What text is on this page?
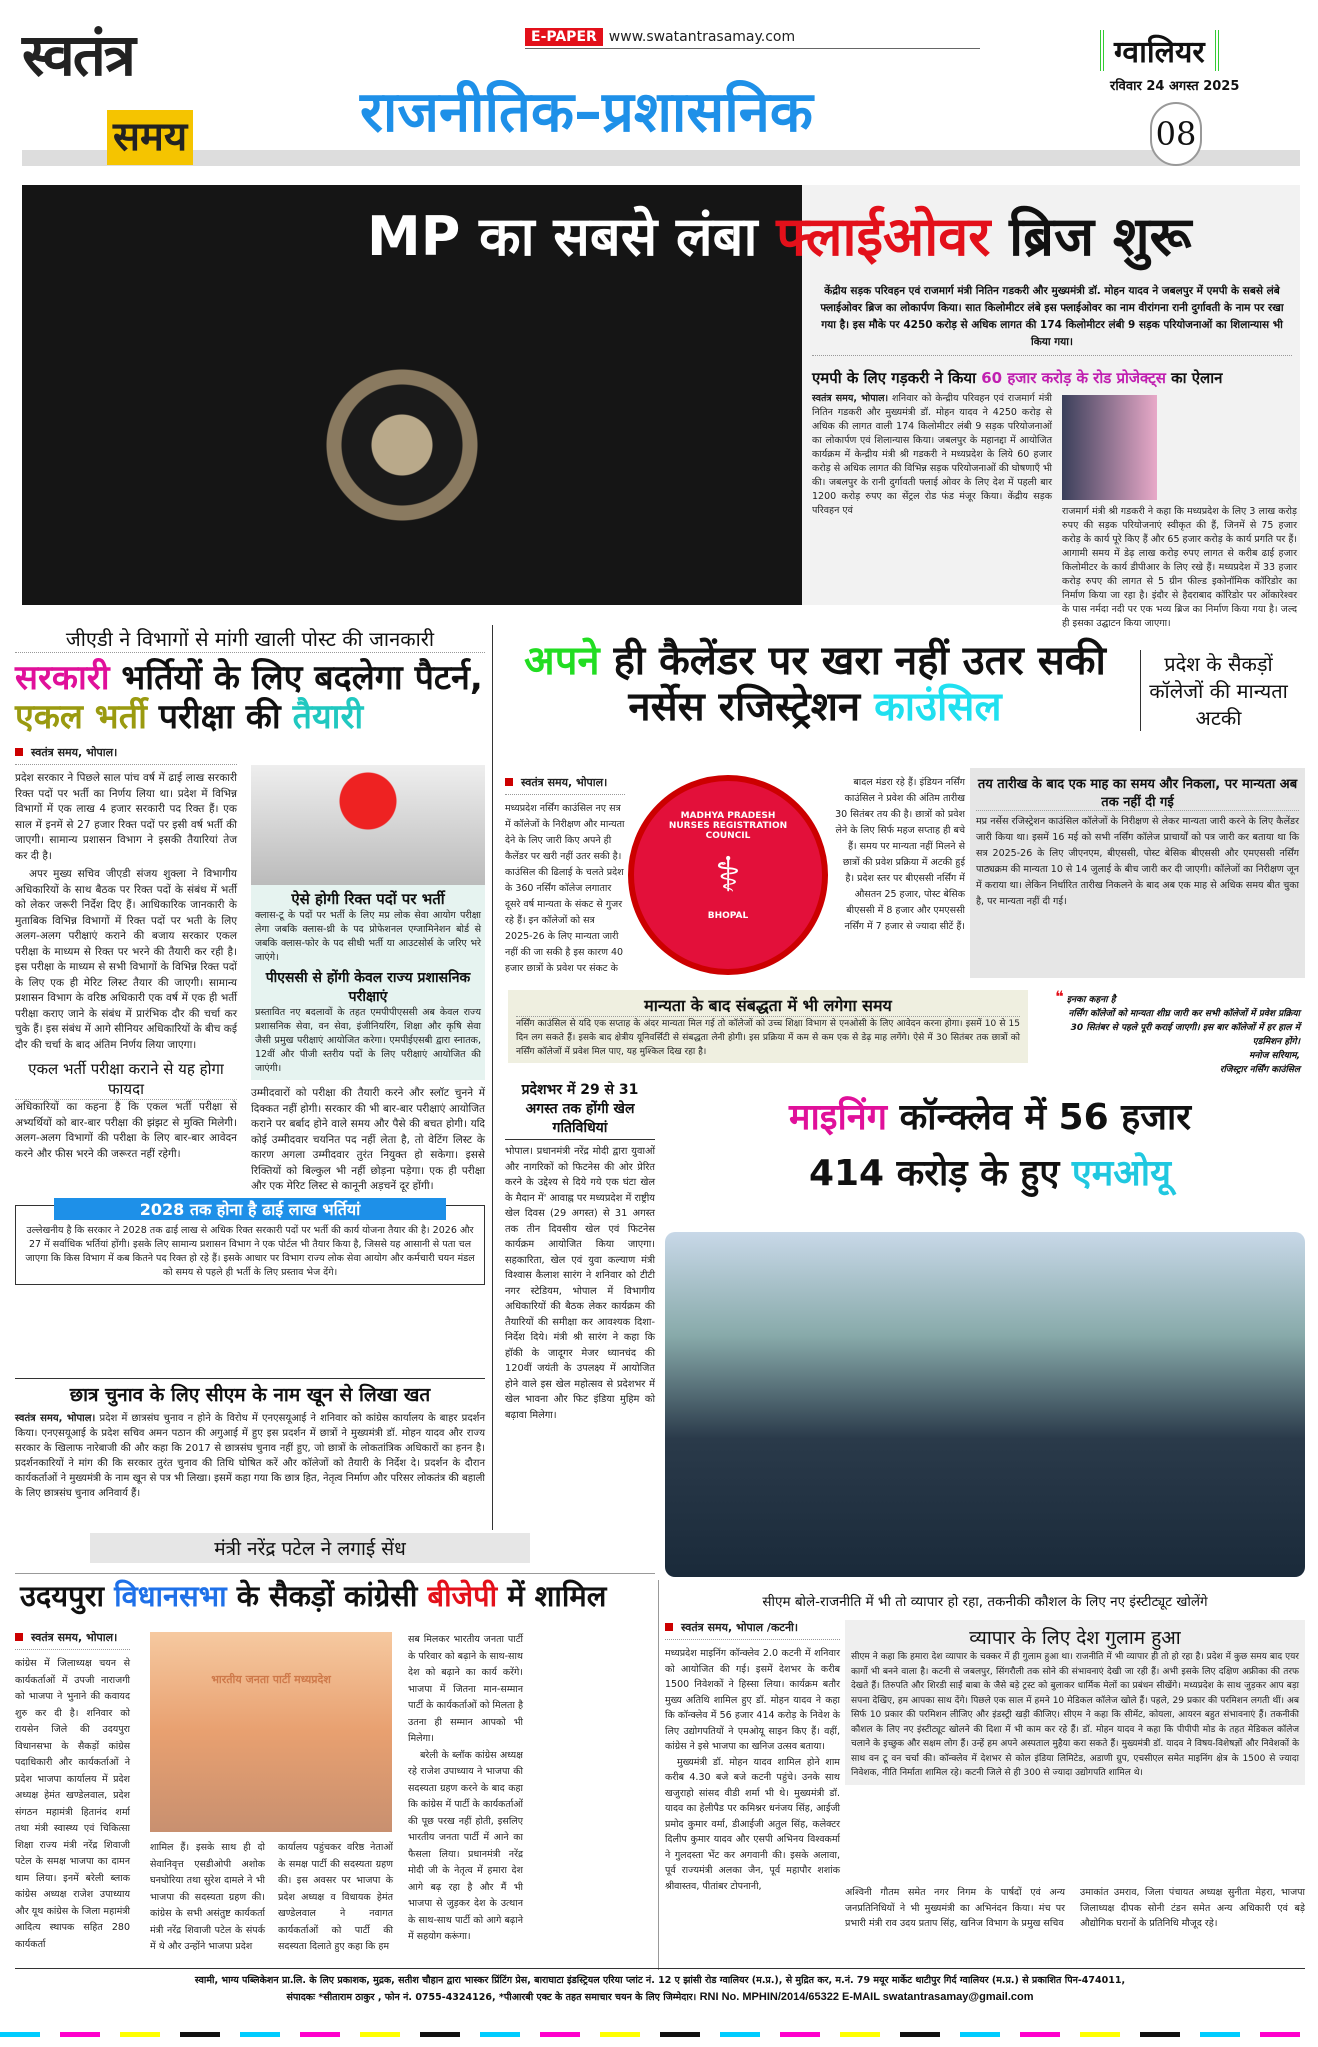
स्वतंत्र
समय
E-PAPER www.swatantrasamay.com
राजनीतिक–प्रशासनिक
ग्वालियर
रविवार 24 अगस्त 2025
08
MP का सबसे लंबा फ्लाईओवर ब्रिज शुरू
केंद्रीय सड़क परिवहन एवं राजमार्ग मंत्री नितिन गडकरी और मुख्यमंत्री डॉ. मोहन यादव ने जबलपुर में एमपी के सबसे लंबे फ्लाईओवर ब्रिज का लोकार्पण किया। सात किलोमीटर लंबे इस फ्लाईओवर का नाम वीरांगना रानी दुर्गावती के नाम पर रखा गया है। इस मौके पर 4250 करोड़ से अधिक लागत की 174 किलोमीटर लंबी 9 सड़क परियोजनाओं का शिलान्यास भी किया गया।
एमपी के लिए गड़करी ने किया 60 हजार करोड़ के रोड प्रोजेक्ट्स का ऐलान
स्वतंत्र समय, भोपाल। शनिवार को केन्द्रीय परिवहन एवं राजमार्ग मंत्री नितिन गडकरी और मुख्यमंत्री डॉ. मोहन यादव ने 4250 करोड़ से अधिक की लागत वाली 174 किलोमीटर लंबी 9 सड़क परियोजनाओं का लोकार्पण एवं शिलान्यास किया। जबलपुर के महानद्दा में आयोजित कार्यक्रम में केन्द्रीय मंत्री श्री गडकरी ने मध्यप्रदेश के लिये 60 हजार करोड़ से अधिक लागत की विभिन्न सड़क परियोजनाओं की घोषणाएँ भी की। जबलपुर के रानी दुर्गावती फ्लाई ओवर के लिए देश में पहली बार 1200 करोड़ रुपए का सेंट्रल रोड फंड मंजूर किया। केंद्रीय सड़क परिवहन एवं	राजमार्ग मंत्री श्री गडकरी ने कहा कि मध्यप्रदेश के लिए 3 लाख करोड़ रुपए की सड़क परियोजनाएं स्वीकृत की हैं, जिनमें से 75 हजार करोड़ के कार्य पूरे किए हैं और 65 हजार करोड़ के कार्य प्रगति पर हैं। आगामी समय में डेढ़ लाख करोड़ रुपए लागत से करीब ढाई हजार किलोमीटर के कार्य डीपीआर के लिए रखे हैं। मध्यप्रदेश में 33 हजार करोड़ रुपए की लागत से 5 ग्रीन फील्ड इकोनॉमिक कॉरिडोर का निर्माण किया जा रहा है। इंदौर से हैदराबाद कॉरिडोर पर ओंकारेश्वर के पास नर्मदा नदी पर एक भव्य ब्रिज का निर्माण किया गया है। जल्द ही इसका उद्घाटन किया जाएगा।
जीएडी ने विभागों से मांगी खाली पोस्ट की जानकारी
सरकारी भर्तियों के लिए बदलेगा पैटर्न, एकल भर्ती परीक्षा की तैयारी
स्वतंत्र समय, भोपाल।

प्रदेश सरकार ने पिछले साल पांच वर्ष में ढाई लाख सरकारी रिक्त पदों पर भर्ती का निर्णय लिया था। प्रदेश में विभिन्न विभागों में एक लाख 4 हजार सरकारी पद रिक्त हैं। एक साल में इनमें से 27 हजार रिक्त पदों पर इसी वर्ष भर्ती की जाएगी। सामान्य प्रशासन विभाग ने इसकी तैयारियां तेज कर दी है।

अपर मुख्य सचिव जीएडी संजय शुक्ला ने विभागीय अधिकारियों के साथ बैठक पर रिक्त पदों के संबंध में भर्ती को लेकर जरूरी निर्देश दिए हैं। आधिकारिक जानकारी के मुताबिक विभिन्न विभागों में रिक्त पदों पर भती के लिए अलग-अलग परीक्षाएं कराने की बजाय सरकार एकल परीक्षा के माध्यम से रिक्त पर भरने की तैयारी कर रही है। इस परीक्षा के माध्यम से सभी विभागों के विभिन्न रिक्त पदों के लिए एक ही मेरिट लिस्ट तैयार की जाएगी। सामान्य प्रशासन विभाग के वरिष्ठ अधिकारी एक वर्ष में एक ही भर्ती परीक्षा कराए जाने के संबंध में प्रारंभिक दौर की चर्चा कर चुके हैं। इस संबंध में आगे सीनियर अधिकारियों के बीच कई दौर की चर्चा के बाद अंतिम निर्णय लिया जाएगा।

एकल भर्ती परीक्षा कराने से यह होगा फायदा

अधिकारियों का कहना है कि एकल भर्ती परीक्षा से अभ्यर्थियों को बार-बार परीक्षा की झंझट से मुक्ति मिलेगी। अलग-अलग विभागों की परीक्षा के लिए बार-बार आवेदन करने और फीस भरने की जरूरत नहीं रहेगी।

ऐसे होगी रिक्त पदों पर भर्ती

क्लास-टू के पदों पर भर्ती के लिए मप्र लोक सेवा आयोग परीक्षा लेगा जबकि क्लास-थ्री के पद प्रोफेशनल एग्जामिनेशन बोर्ड से जबकि क्लास-फोर के पद सीधी भर्ती या आउटसोर्स के जरिए भरे जाएंगे।

पीएससी से होंगी केवल राज्य प्रशासनिक परीक्षाएं

प्रस्तावित नए बदलावों के तहत एमपीपीएससी अब केवल राज्य प्रशासनिक सेवा, वन सेवा, इंजीनियरिंग, शिक्षा और कृषि सेवा जैसी प्रमुख परीक्षाएं आयोजित करेगा। एमपीईएसबी द्वारा स्नातक, 12वीं और पीजी स्तरीय पदों के लिए परीक्षाएं आयोजित की जाएंगी।

उम्मीदवारों को परीक्षा की तैयारी करने और स्लॉट चुनने में दिक्कत नहीं होगी। सरकार की भी बार-बार परीक्षाएं आयोजित कराने पर बर्बाद होने वाले समय और पैसे की बचत होगी। यदि कोई उम्मीदवार चयनित पद नहीं लेता है, तो वेटिंग लिस्ट के कारण अगला उम्मीदवार तुरंत नियुक्त हो सकेगा। इससे रिक्तियों को बिल्कुल भी नहीं छोड़ना पड़ेगा। एक ही परीक्षा और एक मेरिट लिस्ट से कानूनी अड़चनें दूर होंगी।

2028 तक होना है ढाई लाख भर्तियां

उल्लेखनीय है कि सरकार ने 2028 तक ढाई लाख से अधिक रिक्त सरकारी पदों पर भर्ती की कार्य योजना तैयार की है। 2026 और 27 में सर्वाधिक भर्तियां होंगी। इसके लिए सामान्य प्रशासन विभाग ने एक पोर्टल भी तैयार किया है, जिससे यह आसानी से पता चल जाएगा कि किस विभाग में कब कितने पद रिक्त हो रहे हैं। इसके आधार पर विभाग राज्य लोक सेवा आयोग और कर्मचारी चयन मंडल को समय से पहले ही भर्ती के लिए प्रस्ताव भेज देंगे।

छात्र चुनाव के लिए सीएम के नाम खून से लिखा खत

स्वतंत्र समय, भोपाल। प्रदेश में छात्रसंघ चुनाव न होने के विरोध में एनएसयूआई ने शनिवार को कांग्रेस कार्यालय के बाहर प्रदर्शन किया। एनएसयूआई के प्रदेश सचिव अमन पठान की अगुआई में हुए इस प्रदर्शन में छात्रों ने मुख्यमंत्री डॉ. मोहन यादव और राज्य सरकार के खिलाफ नारेबाजी की और कहा कि 2017 से छात्रसंघ चुनाव नहीं हुए, जो छात्रों के लोकतांत्रिक अधिकारों का हनन है। प्रदर्शनकारियों ने मांग की कि सरकार तुरंत चुनाव की तिथि घोषित करें और कॉलेजों को तैयारी के निर्देश दे। प्रदर्शन के दौरान कार्यकर्ताओं ने मुख्यमंत्री के नाम खून से पत्र भी लिखा। इसमें कहा गया कि छात्र हित, नेतृत्व निर्माण और परिसर लोकतंत्र की बहाली के लिए छात्रसंघ चुनाव अनिवार्य हैं।

अपने ही कैलेंडर पर खरा नहीं उतर सकी नर्सेस रजिस्ट्रेशन काउंसिल
प्रदेश के सैकड़ों कॉलेजों की मान्यता अटकी
स्वतंत्र समय, भोपाल।

मध्यप्रदेश नर्सिंग काउंसिल नए सत्र में कॉलेजों के निरीक्षण और मान्यता देने के लिए जारी किए अपने ही कैलेंडर पर खरी नहीं उतर सकी है। काउंसिल की ढिलाई के चलते प्रदेश के 360 नर्सिंग कॉलेज लगातार दूसरे वर्ष मान्यता के संकट से गुजर रहे हैं। इन कॉलेजों को सत्र 2025-26 के लिए मान्यता जारी नहीं की जा सकी है इस कारण 40 हजार छात्रों के प्रवेश पर संकट के

MADHYA PRADESH NURSES REGISTRATION COUNCIL
⚕
BHOPAL

बादल मंडरा रहे हैं। इंडियन नर्सिंग काउंसिल ने प्रवेश की अंतिम तारीख 30 सितंबर तय की है। छात्रों को प्रवेश लेने के लिए सिर्फ महज सप्ताह ही बचे हैं। समय पर मान्यता नहीं मिलने से छात्रों की प्रवेश प्रक्रिया में अटकी हुई है। प्रदेश स्तर पर बीएससी नर्सिंग में औसतन 25 हजार, पोस्ट बेसिक बीएससी में 8 हजार और एमएससी नर्सिंग में 7 हजार से ज्यादा सीटें हैं।

तय तारीख के बाद एक माह का समय और निकला, पर मान्यता अब तक नहीं दी गई

मप्र नर्सेस रजिस्ट्रेशन काउंसिल कॉलेजों के निरीक्षण से लेकर मान्यता जारी करने के लिए कैलेंडर जारी किया था। इसमें 16 मई को सभी नर्सिंग कॉलेज प्राचार्यों को पत्र जारी कर बताया था कि सत्र 2025-26 के लिए जीएनएम, बीएससी, पोस्ट बेसिक बीएससी और एमएससी नर्सिंग पाठ्यक्रम की मान्यता 10 से 14 जुलाई के बीच जारी कर दी जाएगी। कॉलेजों का निरीक्षण जून में कराया था। लेकिन निर्धारित तारीख निकलने के बाद अब एक माह से अधिक समय बीत चुका है, पर मान्यता नहीं दी गई।

मान्यता के बाद संबद्धता में भी लगेगा समय

नर्सिंग काउंसिल से यदि एक सप्ताह के अंदर मान्यता मिल गई तो कॉलेजों को उच्च शिक्षा विभाग से एनओसी के लिए आवेदन करना होगा। इसमें 10 से 15 दिन लग सकते हैं। इसके बाद क्षेत्रीय यूनिवर्सिटी से संबद्धता लेनी होगी। इस प्रक्रिया में कम से कम एक से डेढ़ माह लगेंगे। ऐसे में 30 सितंबर तक छात्रों को नर्सिंग कॉलेजों में प्रवेश मिल पाए, यह मुश्किल दिख रहा है।

❝ इनका कहना है
नर्सिंग कॉलेजों को मान्यता शीघ्र जारी कर सभी कॉलेजों में प्रवेश प्रक्रिया 30 सितंबर से पहले पूरी कराई जाएगी। इस बार कॉलेजों में हर हाल में एडमिशन होंगे।
मनोज सरियाम,
रजिस्ट्रार नर्सिंग काउंसिल
प्रदेशभर में 29 से 31 अगस्त तक होंगी खेल गतिविधियां

भोपाल। प्रधानमंत्री नरेंद्र मोदी द्वारा युवाओं और नागरिकों को फिटनेस की ओर प्रेरित करने के उद्देश्य से दिये गये एक घंटा खेल के मैदान में' आवाह्न पर मध्यप्रदेश में राष्ट्रीय खेल दिवस (29 अगस्त) से 31 अगस्त तक तीन दिवसीय खेल एवं फिटनेस कार्यक्रम आयोजित किया जाएगा। सहकारिता, खेल एवं युवा कल्याण मंत्री विश्वास कैलाश सारंग ने शनिवार को टीटी नगर स्टेडियम, भोपाल में विभागीय अधिकारियों की बैठक लेकर कार्यक्रम की तैयारियों की समीक्षा कर आवश्यक दिशा-निर्देश दिये। मंत्री श्री सारंग ने कहा कि हॉकी के जादूगर मेजर ध्यानचंद की 120वीं जयंती के उपलक्ष्य में आयोजित होने वाले इस खेल महोत्सव से प्रदेशभर में खेल भावना और फिट इंडिया मुहिम को बढ़ावा मिलेगा।

माइनिंग कॉन्क्लेव में 56 हजार
414 करोड़ के हुए एमओयू
सीएम बोले-राजनीति में भी तो व्यापार हो रहा, तकनीकी कौशल के लिए नए इंस्टीट्यूट खोलेंगे
स्वतंत्र समय, भोपाल /कटनी।

मध्यप्रदेश माइनिंग कॉन्क्लेव 2.0 कटनी में शनिवार को आयोजित की गई। इसमें देशभर के करीब 1500 निवेशकों ने हिस्सा लिया। कार्यक्रम बतौर मुख्य अतिथि शामिल हुए डॉ. मोहन यादव ने कहा कि कॉन्क्लेव में 56 हजार 414 करोड़ के निवेश के लिए उद्योगपतियों ने एमओयू साइन किए हैं। वहीं, कांग्रेस ने इसे भाजपा का खनिज उत्सव बताया।

मुख्यमंत्री डॉ. मोहन यादव शामिल होने शाम करीब 4.30 बजे बजे कटनी पहुंचे। उनके साथ खजुराहो सांसद वीडी शर्मा भी थे। मुख्यमंत्री डॉ. यादव का हेलीपैड पर कमिश्नर धनंजय सिंह, आईजी प्रमोद कुमार वर्मा, डीआईजी अतुल सिंह, कलेक्टर दिलीप कुमार यादव और एसपी अभिनय विश्वकर्मा ने गुलदस्ता भेंट कर अगवानी की। इसके अलावा, पूर्व राज्यमंत्री अलका जैन, पूर्व महापौर शशांक श्रीवास्तव, पीतांबर टोपनानी,

व्यापार के लिए देश गुलाम हुआ

सीएम ने कहा कि हमारा देश व्यापार के चक्कर में ही गुलाम हुआ था। राजनीति में भी व्यापार ही तो हो रहा है। प्रदेश में कुछ समय बाद एयर कार्गो भी बनने वाला है। कटनी से जबलपुर, सिंगरौली तक सोने की संभावनाएं देखी जा रही हैं। अभी इसके लिए दक्षिण अफ्रीका की तरफ देखते हैं। तिरुपति और शिरडी साईं बाबा के जैसे बड़े ट्रस्ट को बुलाकर धार्मिक मेलों का प्रबंधन सीखेंगे। मध्यप्रदेश के साथ जुड़कर आप बड़ा सपना देखिए, हम आपका साथ देंगे। पिछले एक साल में हमने 10 मेडिकल कॉलेज खोले हैं। पहले, 29 प्रकार की परमिशन लगती थीं। अब सिर्फ 10 प्रकार की परमिशन लीजिए और इंडस्ट्री खड़ी कीजिए। सीएम ने कहा कि सीमेंट, कोयला, आयरन बहुत संभावनाएं हैं। तकनीकी कौशल के लिए नए इंस्टीट्यूट खोलने की दिशा में भी काम कर रहे हैं। डॉ. मोहन यादव ने कहा कि पीपीपी मोड के तहत मेडिकल कॉलेज चलाने के इच्छुक और सक्षम लोग हैं। उन्हें हम अपने अस्पताल मुहैया करा सकते हैं। मुख्यमंत्री डॉ. यादव ने विषय-विशेषज्ञों और निवेशकों के साथ वन टू वन चर्चा की। कॉन्क्लेव में देशभर से कोल इंडिया लिमिटेड, अडाणी ग्रुप, एचसीएल समेत माइनिंग क्षेत्र के 1500 से ज्यादा निवेशक, नीति निर्माता शामिल रहे। कटनी जिले से ही 300 से ज्यादा उद्योगपति शामिल थे।

अश्विनी गौतम समेत नगर निगम के पार्षदों एवं अन्य जनप्रतिनिधियों ने भी मुख्यमंत्री का अभिनंदन किया। मंच पर प्रभारी मंत्री राव उदय प्रताप सिंह, खनिज विभाग के प्रमुख सचिव

उमाकांत उमराव, जिला पंचायत अध्यक्ष सुनीता मेहरा, भाजपा जिलाध्यक्ष दीपक सोनी टंडन समेत अन्य अधिकारी एवं बड़े औद्योगिक घरानों के प्रतिनिधि मौजूद रहे।

मंत्री नरेंद्र पटेल ने लगाई सेंध
उदयपुरा विधानसभा के सैकड़ों कांग्रेसी बीजेपी में शामिल
स्वतंत्र समय, भोपाल।

कांग्रेस में जिलाध्यक्ष चयन से कार्यकर्ताओं में उपजी नाराजगी को भाजपा ने भुनाने की कवायद शुरु कर दी है। शनिवार को रायसेन जिले की उदयपुरा विधानसभा के सैकड़ों कांग्रेस पदाधिकारी और कार्यकर्ताओं ने प्रदेश भाजपा कार्यालय में प्रदेश अध्यक्ष हेमंत खण्डेलवाल, प्रदेश संगठन महामंत्री हितानंद शर्मा तथा मंत्री स्वास्थ्य एवं चिकित्सा शिक्षा राज्य मंत्री नरेंद्र शिवाजी पटेल के समक्ष भाजपा का दामन थाम लिया। इनमें बरेली ब्लाक कांग्रेस अध्यक्ष राजेश उपाध्याय और यूथ कांग्रेस के जिला महामंत्री आदित्य स्थापक सहित 280 कार्यकर्ता

भारतीय जनता पार्टी मध्यप्रदेश

शामिल हैं। इसके साथ ही दो सेवानिवृत्त एसडीओपी अशोक घनघोरिया तथा सुरेश दामले ने भी भाजपा की सदस्यता ग्रहण की। कांग्रेस के सभी असंतुष्ट कार्यकर्ता मंत्री नरेंद्र शिवाजी पटेल के संपर्क में थे और उन्होंने भाजपा प्रदेश

कार्यालय पहुंचकर वरिष्ठ नेताओं के समक्ष पार्टी की सदस्यता ग्रहण की। इस अवसर पर भाजपा के प्रदेश अध्यक्ष व विधायक हेमंत खण्डेलवाल ने नवागत कार्यकर्ताओं को पार्टी की सदस्यता दिलाते हुए कहा कि हम

सब मिलकर भारतीय जनता पार्टी के परिवार को बढ़ाने के साथ-साथ देश को बढ़ाने का कार्य करेंगे। भाजपा में जितना मान-सम्मान पार्टी के कार्यकर्ताओं को मिलता है उतना ही सम्मान आपको भी मिलेगा।

बरेली के ब्लॉक कांग्रेस अध्यक्ष रहे राजेश उपाध्याय ने भाजपा की सदस्यता ग्रहण करने के बाद कहा कि कांग्रेस में पार्टी के कार्यकर्ताओं की पूछ परख नहीं होती, इसलिए भारतीय जनता पार्टी में आने का फैसला लिया। प्रधानमंत्री नरेंद्र मोदी जी के नेतृत्व में हमारा देश आगे बढ़ रहा है और मैं भी भाजपा से जुड़कर देश के उत्थान के साथ-साथ पार्टी को आगे बढ़ाने में सहयोग करूंगा।

स्वामी, भाग्य पब्लिकेशन प्रा.लि. के लिए प्रकाशक, मुद्रक, सतीश चौहान द्वारा भास्कर प्रिंटिंग प्रेस, बाराघाटा इंडस्ट्रियल एरिया प्लांट नं. 12 ए झांसी रोड ग्वालियर (म.प्र.), से मुद्रित कर, म.नं. 79 मयूर मार्केट थाटीपुर गिर्द ग्वालियर (म.प्र.) से प्रकाशित पिन-474011,
संपादकः *सीताराम ठाकुर , फोन नं. 0755-4324126, *पीआरबी एक्ट के तहत समाचार चयन के लिए जिम्मेदार। RNI No. MPHIN/2014/65322 E-MAIL swatantrasamay@gmail.com
